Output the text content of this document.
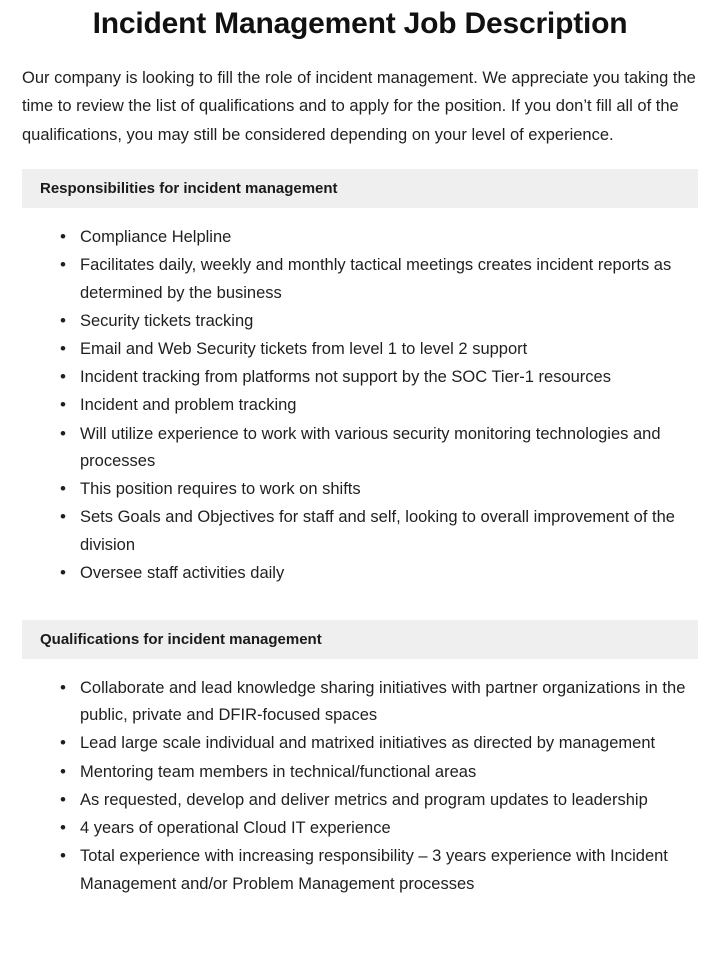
Incident Management Job Description

Our company is looking to fill the role of incident management. We appreciate you taking the time to review the list of qualifications and to apply for the position. If you don’t fill all of the qualifications, you may still be considered depending on your level of experience.

Responsibilities for incident management
• Compliance Helpline
• Facilitates daily, weekly and monthly tactical meetings creates incident reports as determined by the business
• Security tickets tracking
• Email and Web Security tickets from level 1 to level 2 support
• Incident tracking from platforms not support by the SOC Tier-1 resources
• Incident and problem tracking
• Will utilize experience to work with various security monitoring technologies and processes
• This position requires to work on shifts
• Sets Goals and Objectives for staff and self, looking to overall improvement of the division
• Oversee staff activities daily
Qualifications for incident management
• Collaborate and lead knowledge sharing initiatives with partner organizations in the public, private and DFIR-focused spaces
• Lead large scale individual and matrixed initiatives as directed by management
• Mentoring team members in technical/functional areas
• As requested, develop and deliver metrics and program updates to leadership
• 4 years of operational Cloud IT experience
• Total experience with increasing responsibility – 3 years experience with Incident Management and/or Problem Management processes
